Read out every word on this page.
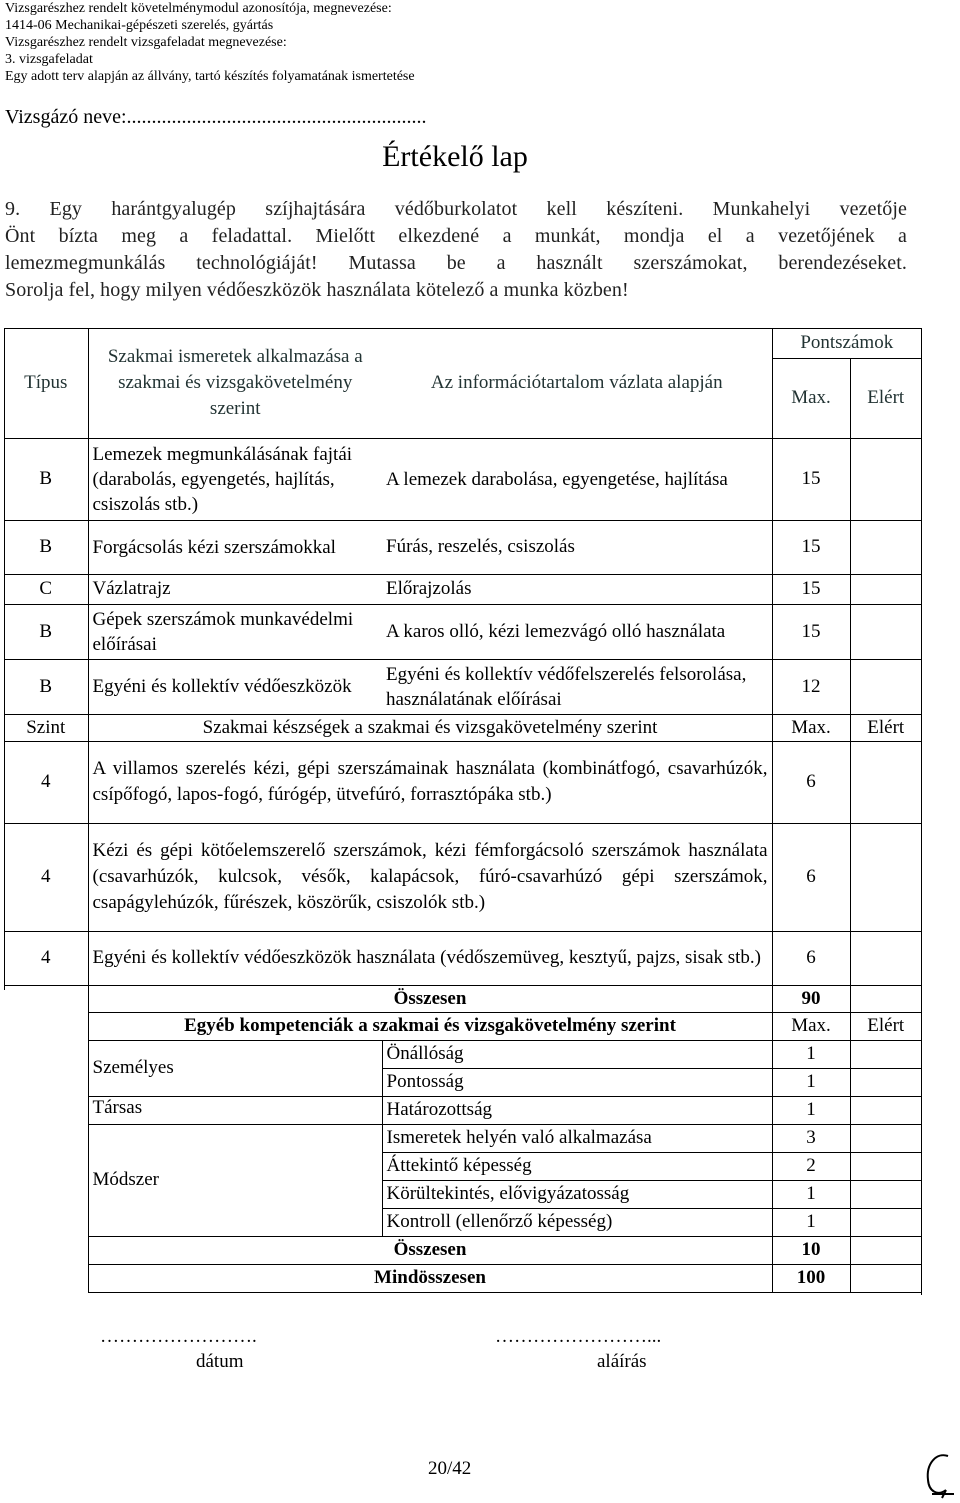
Vizsgarészhez rendelt követelménymodul azonosítója, megnevezése:
1414-06 Mechanikai-gépészeti szerelés, gyártás
Vizsgarészhez rendelt vizsgafeladat megnevezése:
3. vizsgafeladat
Egy adott terv alapján az állvány, tartó készítés folyamatának ismertetése
Vizsgázó neve:............................................................
Értékelő lap
9. Egy harántgyalugép szíjhajtására védőburkolatot kell készíteni. Munkahelyi vezetője
Önt bízta meg a feladattal. Mielőtt elkezdené a munkát, mondja el a vezetőjének a
lemezmegmunkálás technológiáját! Mutassa be a használt szerszámokat, berendezéseket.
Sorolja fel, hogy milyen védőeszközök használata kötelező a munka közben!
Típus	Szakmai ismeretek alkalmazása a szakmai és vizsgakövetelmény szerint	Az információtartalom vázlata alapján	Pontszámok	
			Max.	Elért
B	Lemezek megmunkálásának fajtái (darabolás, egyengetés, hajlítás, csiszolás stb.)	A lemezek darabolása, egyengetése, hajlítása	15	
B	Forgácsolás kézi szerszámokkal	Fúrás, reszelés, csiszolás	15	
C	Vázlatrajz	Előrajzolás	15	
B	Gépek szerszámok munkavédelmi előírásai	A karos olló, kézi lemezvágó olló használata	15	
B	Egyéni és kollektív védőeszközök	Egyéni és kollektív védőfelszerelés felsorolása, használatának előírásai	12	
Szint	Szakmai készségek a szakmai és vizsgakövetelmény szerint		Max.	Elért
4	A villamos szerelés kézi, gépi szerszámainak használata (kombinátfogó, csavarhúzók, csípőfogó, lapos-fogó, fúrógép, ütvefúró, forrasztópáka stb.)		6	
4	Kézi és gépi kötőelemszerelő szerszámok, kézi fémforgácsoló szerszámok használata (csavarhúzók, kulcsok, vésők, kalapácsok, fúró-csavarhúzó gépi szerszámok, csapágylehúzók, fűrészek, köszörűk, csiszolók stb.)		6	
4	Egyéni és kollektív védőeszközök használata (védőszemüveg, kesztyű, pajzs, sisak stb.)		6	
	Összesen		90	
	Egyéb kompetenciák a szakmai és vizsgakövetelmény szerint		Max.	Elért
	Személyes	Önállóság	1	
		Pontosság	1	
	Társas	Határozottság	1	
	Módszer	Ismeretek helyén való alkalmazása	3	
		Áttekintő képesség	2	
		Körültekintés, elővigyázatosság	1	
		Kontroll (ellenőrző képesség)	1	
	Összesen		10	
	Mindösszesen		100	
…………………….
dátum
……………………...
aláírás
20/42
